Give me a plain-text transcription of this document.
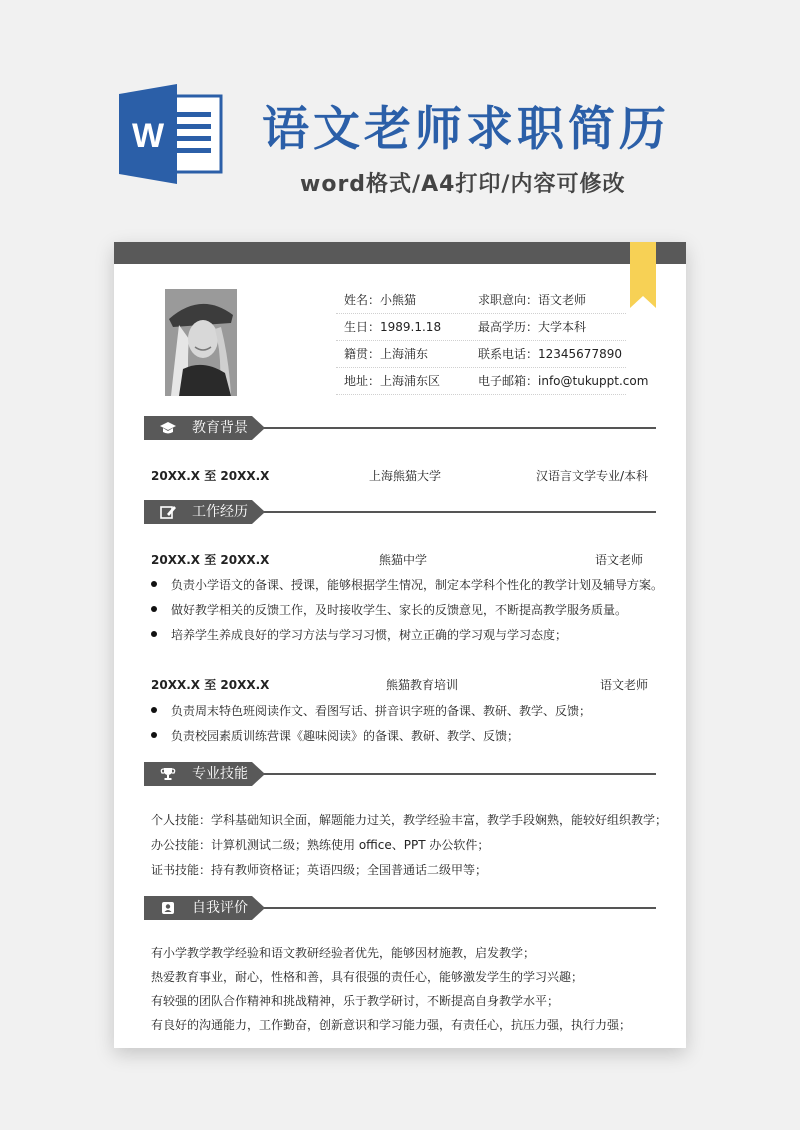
W 语文老师求职简历
word格式/A4打印/内容可修改
姓名：小熊猫	求职意向：语文老师
生日：1989.1.18	最高学历：大学本科
籍贯：上海浦东	联系电话：12345677890
地址：上海浦东区	电子邮箱：info@tukuppt.com
教育背景
20XX.X 至 20XX.X	上海熊猫大学	汉语言文学专业/本科
工作经历
20XX.X 至 20XX.X	熊猫中学	语文老师
负责小学语文的备课、授课，能够根据学生情况，制定本学科个性化的教学计划及辅导方案。
做好教学相关的反馈工作，及时接收学生、家长的反馈意见，不断提高教学服务质量。
培养学生养成良好的学习方法与学习习惯，树立正确的学习观与学习态度；
20XX.X 至 20XX.X	熊猫教育培训	语文老师
负责周末特色班阅读作文、看图写话、拼音识字班的备课、教研、教学、反馈；
负责校园素质训练营课《趣味阅读》的备课、教研、教学、反馈；
专业技能
个人技能：学科基础知识全面，解题能力过关，教学经验丰富，教学手段娴熟，能较好组织教学；
办公技能：计算机测试二级；熟练使用 office、PPT 办公软件；
证书技能：持有教师资格证；英语四级；全国普通话二级甲等；
自我评价
有小学教学教学经验和语文教研经验者优先，能够因材施教，启发教学；
热爱教育事业，耐心，性格和善，具有很强的责任心，能够激发学生的学习兴趣；
有较强的团队合作精神和挑战精神，乐于教学研讨，不断提高自身教学水平；
有良好的沟通能力，工作勤奋，创新意识和学习能力强，有责任心，抗压力强，执行力强；
